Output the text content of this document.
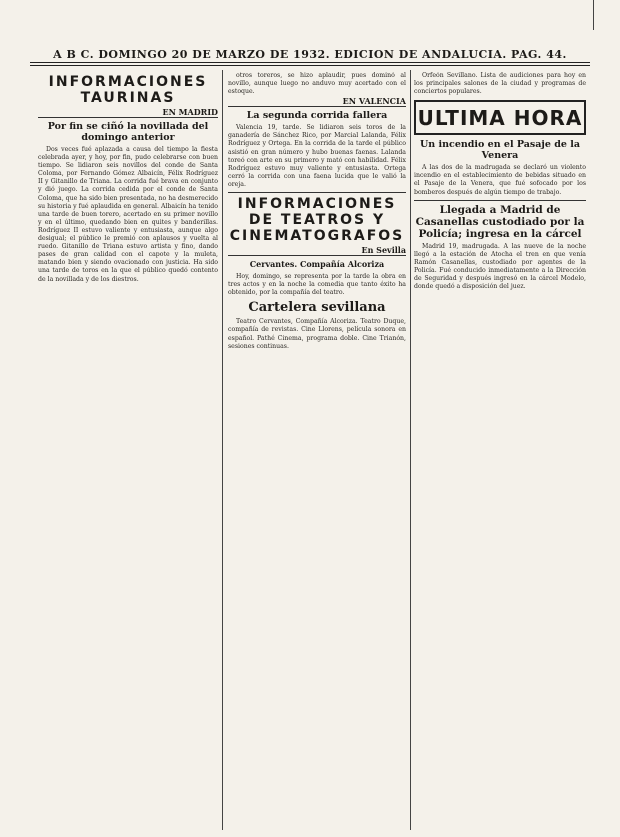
A B C. DOMINGO 20 DE MARZO DE 1932. EDICION DE ANDALUCIA. PAG. 44.
INFORMACIONES TAURINAS
EN MADRID
Por fin se ciñó la novillada del domingo anterior

Dos veces fué aplazada a causa del tiempo la fiesta celebrada ayer, y hoy, por fin, pudo celebrarse con buen tiempo. Se lidiaron seis novillos del conde de Santa Coloma, por Fernando Gómez Albaicín, Félix Rodríguez II y Gitanillo de Triana. La corrida fué brava en conjunto y dió juego. La corrida cedida por el conde de Santa Coloma, que ha sido bien presentada, no ha desmerecido su historia y fué aplaudida en general. Albaicín ha tenido una tarde de buen torero, acertado en su primer novillo y en el último, quedando bien en quites y banderillas. Rodríguez II estuvo valiente y entusiasta, aunque algo desigual; el público le premió con aplausos y vuelta al ruedo. Gitanillo de Triana estuvo artista y fino, dando pases de gran calidad con el capote y la muleta, matando bien y siendo ovacionado con justicia. Ha sido una tarde de toros en la que el público quedó contento de la novillada y de los diestros.

otros toreros, se hizo aplaudir, pues dominó al novillo, aunque luego no anduvo muy acertado con el estoque.

EN VALENCIA
La segunda corrida fallera

Valencia 19, tarde. Se lidiaron seis toros de la ganadería de Sánchez Rico, por Marcial Lalanda, Félix Rodríguez y Ortega. En la corrida de la tarde el público asistió en gran número y hubo buenas faenas. Lalanda toreó con arte en su primero y mató con habilidad. Félix Rodríguez estuvo muy valiente y entusiasta. Ortega cerró la corrida con una faena lucida que le valió la oreja.

INFORMACIONES DE TEATROS Y CINEMATOGRAFOS
En Sevilla
Cervantes. Compañía Alcoriza

Hoy, domingo, se representa por la tarde la obra en tres actos y en la noche la comedia que tanto éxito ha obtenido, por la compañía del teatro.

Cartelera sevillana

Teatro Cervantes, Compañía Alcoriza. Teatro Duque, compañía de revistas. Cine Llorens, película sonora en español. Pathé Cinema, programa doble. Cine Trianón, sesiones continuas.

Orfeón Sevillano. Lista de audiciones para hoy en los principales salones de la ciudad y programas de conciertos populares.

ULTIMA HORA
Un incendio en el Pasaje de la Venera

A las dos de la madrugada se declaró un violento incendio en el establecimiento de bebidas situado en el Pasaje de la Venera, que fué sofocado por los bomberos después de algún tiempo de trabajo.

Llegada a Madrid de Casanellas custodiado por la Policía; ingresa en la cárcel

Madrid 19, madrugada. A las nueve de la noche llegó a la estación de Atocha el tren en que venía Ramón Casanellas, custodiado por agentes de la Policía. Fué conducido inmediatamente a la Dirección de Seguridad y después ingresó en la cárcel Modelo, donde quedó a disposición del juez.
